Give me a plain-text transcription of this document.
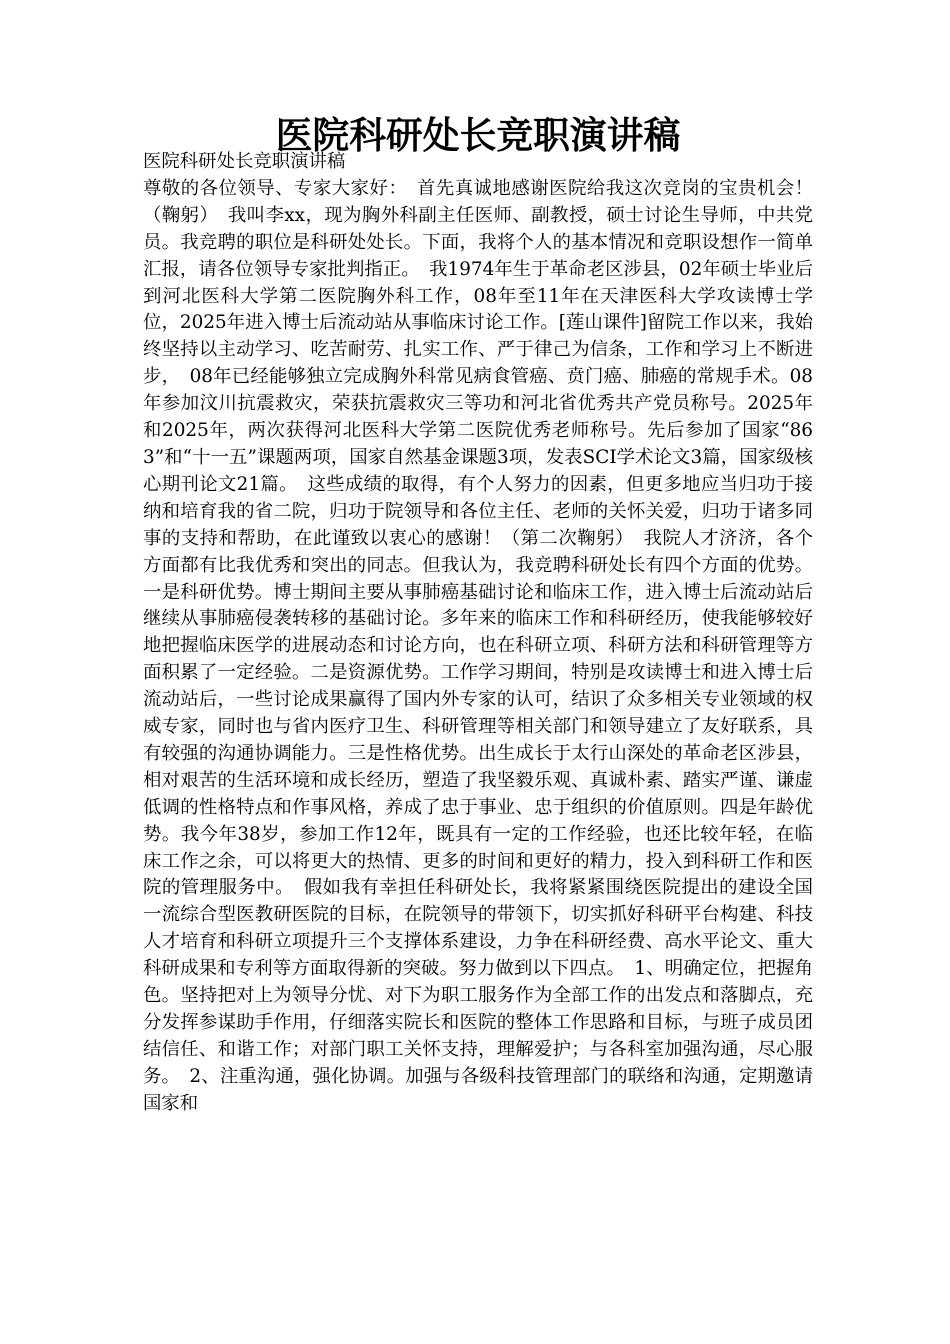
医院科研处长竞职演讲稿
医院科研处长竞职演讲稿

尊敬的各位领导、专家大家好：　首先真诚地感谢医院给我这次竞岗的宝贵机会！（鞠躬）　我叫李xx，现为胸外科副主任医师、副教授，硕士讨论生导师，中共党员。我竞聘的职位是科研处处长。下面，我将个人的基本情况和竞职设想作一简单汇报，请各位领导专家批判指正。　我1974年生于革命老区涉县，02年硕士毕业后到河北医科大学第二医院胸外科工作，08年至11年在天津医科大学攻读博士学位，2025年进入博士后流动站从事临床讨论工作。[莲山课件]留院工作以来，我始终坚持以主动学习、吃苦耐劳、扎实工作、严于律己为信条，工作和学习上不断进步，　08年已经能够独立完成胸外科常见病食管癌、贲门癌、肺癌的常规手术。08年参加汶川抗震救灾，荣获抗震救灾三等功和河北省优秀共产党员称号。2025年和2025年，两次获得河北医科大学第二医院优秀老师称号。先后参加了国家“863”和“十一五”课题两项，国家自然基金课题3项，发表SCI学术论文3篇，国家级核心期刊论文21篇。　这些成绩的取得，有个人努力的因素，但更多地应当归功于接纳和培育我的省二院，归功于院领导和各位主任、老师的关怀关爱，归功于诸多同事的支持和帮助，在此谨致以衷心的感谢！（第二次鞠躬）　我院人才济济，各个方面都有比我优秀和突出的同志。但我认为，我竞聘科研处长有四个方面的优势。一是科研优势。博士期间主要从事肺癌基础讨论和临床工作，进入博士后流动站后继续从事肺癌侵袭转移的基础讨论。多年来的临床工作和科研经历，使我能够较好地把握临床医学的进展动态和讨论方向，也在科研立项、科研方法和科研管理等方面积累了一定经验。二是资源优势。工作学习期间，特别是攻读博士和进入博士后流动站后，一些讨论成果赢得了国内外专家的认可，结识了众多相关专业领域的权威专家，同时也与省内医疗卫生、科研管理等相关部门和领导建立了友好联系，具有较强的沟通协调能力。三是性格优势。出生成长于太行山深处的革命老区涉县，相对艰苦的生活环境和成长经历，塑造了我坚毅乐观、真诚朴素、踏实严谨、谦虚低调的性格特点和作事风格，养成了忠于事业、忠于组织的价值原则。四是年龄优势。我今年38岁，参加工作12年，既具有一定的工作经验，也还比较年轻，在临床工作之余，可以将更大的热情、更多的时间和更好的精力，投入到科研工作和医院的管理服务中。　假如我有幸担任科研处长，我将紧紧围绕医院提出的建设全国一流综合型医教研医院的目标，在院领导的带领下，切实抓好科研平台构建、科技人才培育和科研立项提升三个支撑体系建设，力争在科研经费、高水平论文、重大科研成果和专利等方面取得新的突破。努力做到以下四点。　1、明确定位，把握角色。坚持把对上为领导分忧、对下为职工服务作为全部工作的出发点和落脚点，充分发挥参谋助手作用，仔细落实院长和医院的整体工作思路和目标，与班子成员团结信任、和谐工作；对部门职工关怀支持，理解爱护；与各科室加强沟通，尽心服务。　2、注重沟通，强化协调。加强与各级科技管理部门的联络和沟通，定期邀请国家和
